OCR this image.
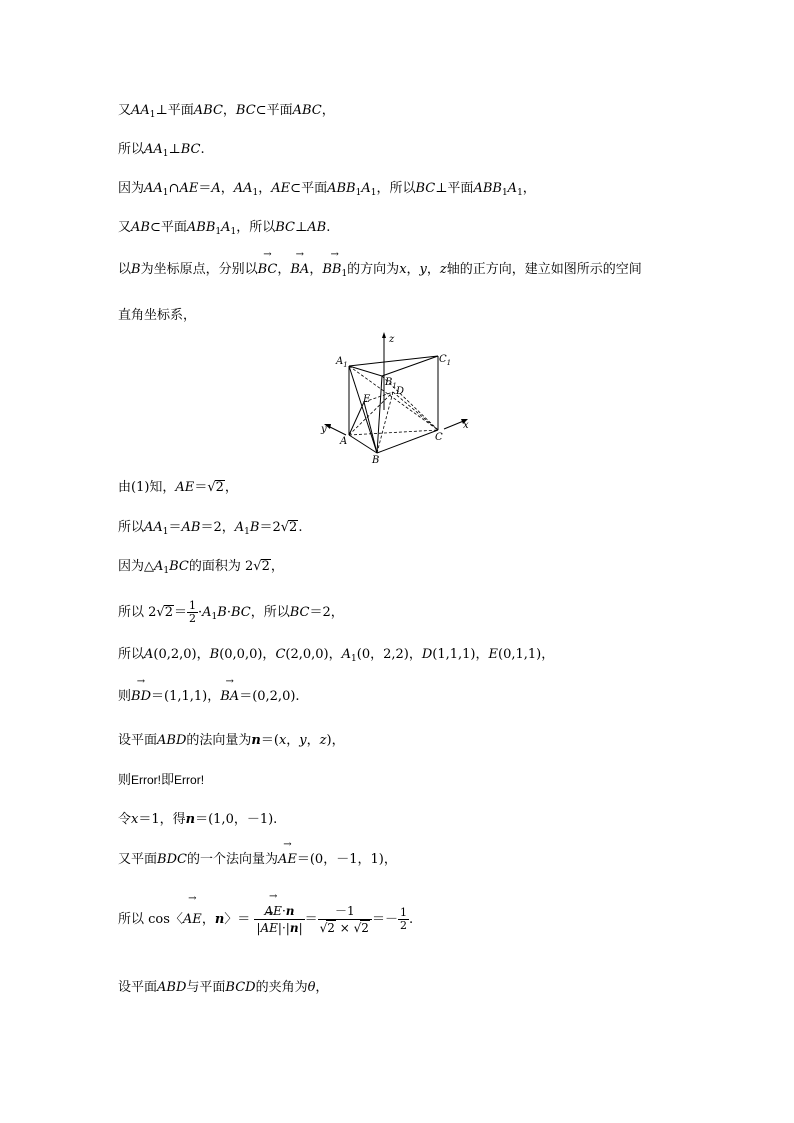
又$AA_1\perp$平面ABC，BC⊂平面ABC，
所以$AA_1\perp BC$.
因为$AA_1\cap AE=A$，$AA_1$，AE⊂平面$ABB_1A_1$，所以BC⊥平面$ABB_1A_1$，
又AB⊂平面$ABB_1A_1$，所以BC⊥AB.
以B为坐标原点，分别以→ BC，→ BA，→ $BB_1$的方向为x，y，z轴的正方向，建立如图所示的空间
直角坐标系，
z
y	x
$A_1$	$C_1$
$B_1$ D
E
A
B
C
由(1)知，AE＝√2，
所以$AA_1=AB=2$，$A_1B=2√2$.
因为$\triangle A_1BC$的面积为 2√2，
所以 $2√2= \frac{1}{2} \cdot A_1B\cdot BC$，所以BC＝2，
所以A(0,2,0)，B(0,0,0)，C(2,0,0)，$A_1(0$，2,2)，D(1,1,1)，E(0,1,1)，
则→ BD＝(1,1,1)，→ BA＝(0,2,0).
设平面ABD的法向量为n＝(x，y，z)，
则Error!即Error!
令x＝1，得n＝(1,0，－1).
又平面BDC的一个法向量为→ AE＝(0，－1，1)，
所以 cos〈→ AE，n〉＝
→ $\frac{AE\cdot n}{|\to AE|\cdot|n|} = \frac{-1}{√2 \times √2} =- \frac{1}{2}$ .
设平面ABD与平面BCD的夹角为θ，
